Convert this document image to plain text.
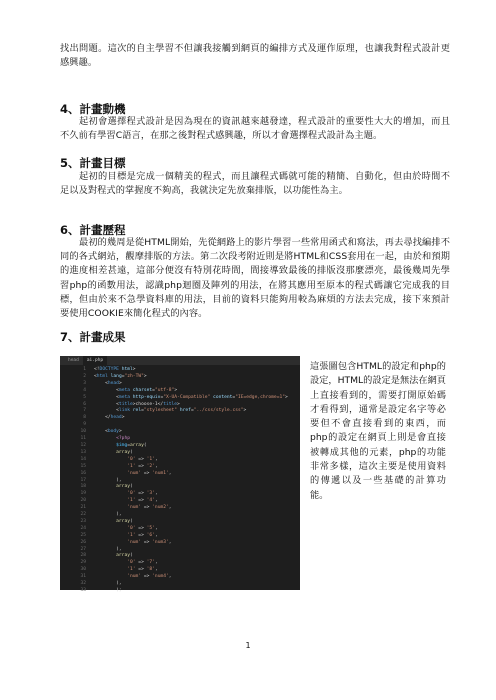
找出問題。這次的自主學習不但讓我接觸到網頁的編排方式及運作原理，也讓我對程式設計更感興趣。

4、計畫動機

起初會選擇程式設計是因為現在的資訊越來越發達，程式設計的重要性大大的增加，而且不久前有學習C語言，在那之後對程式感興趣，所以才會選擇程式設計為主題。

5、計畫目標

起初的目標是完成一個精美的程式，而且讓程式碼就可能的精簡、自動化，但由於時間不足以及對程式的掌握度不夠高，我就決定先放棄排版，以功能性為主。

6、計畫歷程

最初的幾周是從HTML開始，先從網路上的影片學習一些常用函式和寫法，再去尋找編排不同的各式網站，觀摩排版的方法。第二次段考附近則是將HTML和CSS套用在一起，由於和預期的進度相差甚遠，這部分便沒有特別花時間，間接導致最後的排版沒那麼漂亮，最後幾周先學習php的函數用法，認識php迴圈及陣列的用法，在將其應用至原本的程式碼讓它完成我的目標，但由於來不急學資料庫的用法，目前的資料只能夠用較為麻煩的方法去完成，接下來預計要使用COOKIE來簡化程式的內容。

7、計畫成果
head	ai.php
1
2
3
4
5
6
7
8
9
10
11
12
13
14
15
16
17
18
19
20
21
22
23
24
25
26
27
28
29
30
31
32
33
<!DOCTYPE html>
<html lang="zh-TW">
<head>
<meta charset="utf-8">
<meta http-equiv="X-UA-Compatible" content="IE=edge,chrome=1">
<title>choose-1</title>
<link rel="stylesheet" href="../css/style.css">
</head>

<body>
<?php
$img=array(
array(
'0' => '1',
'1' => '2',
'num' => 'num1',
),
array(
'0' => '3',
'1' => '4',
'num' => 'num2',
),
array(
'0' => '5',
'1' => '6',
'num' => 'num3',
),
array(
'0' => '7',
'1' => '8',
'num' => 'num4',
),
);

這張圖包含HTML的設定和php的設定，HTML的設定是無法在網頁上直接看到的，需要打開原始碼才看得到，通常是設定名字等必要但不會直接看到的東西，而php的設定在網頁上則是會直接被轉成其他的元素，php的功能非常多樣，這次主要是使用資料的傳遞以及一些基礎的計算功能。

1
